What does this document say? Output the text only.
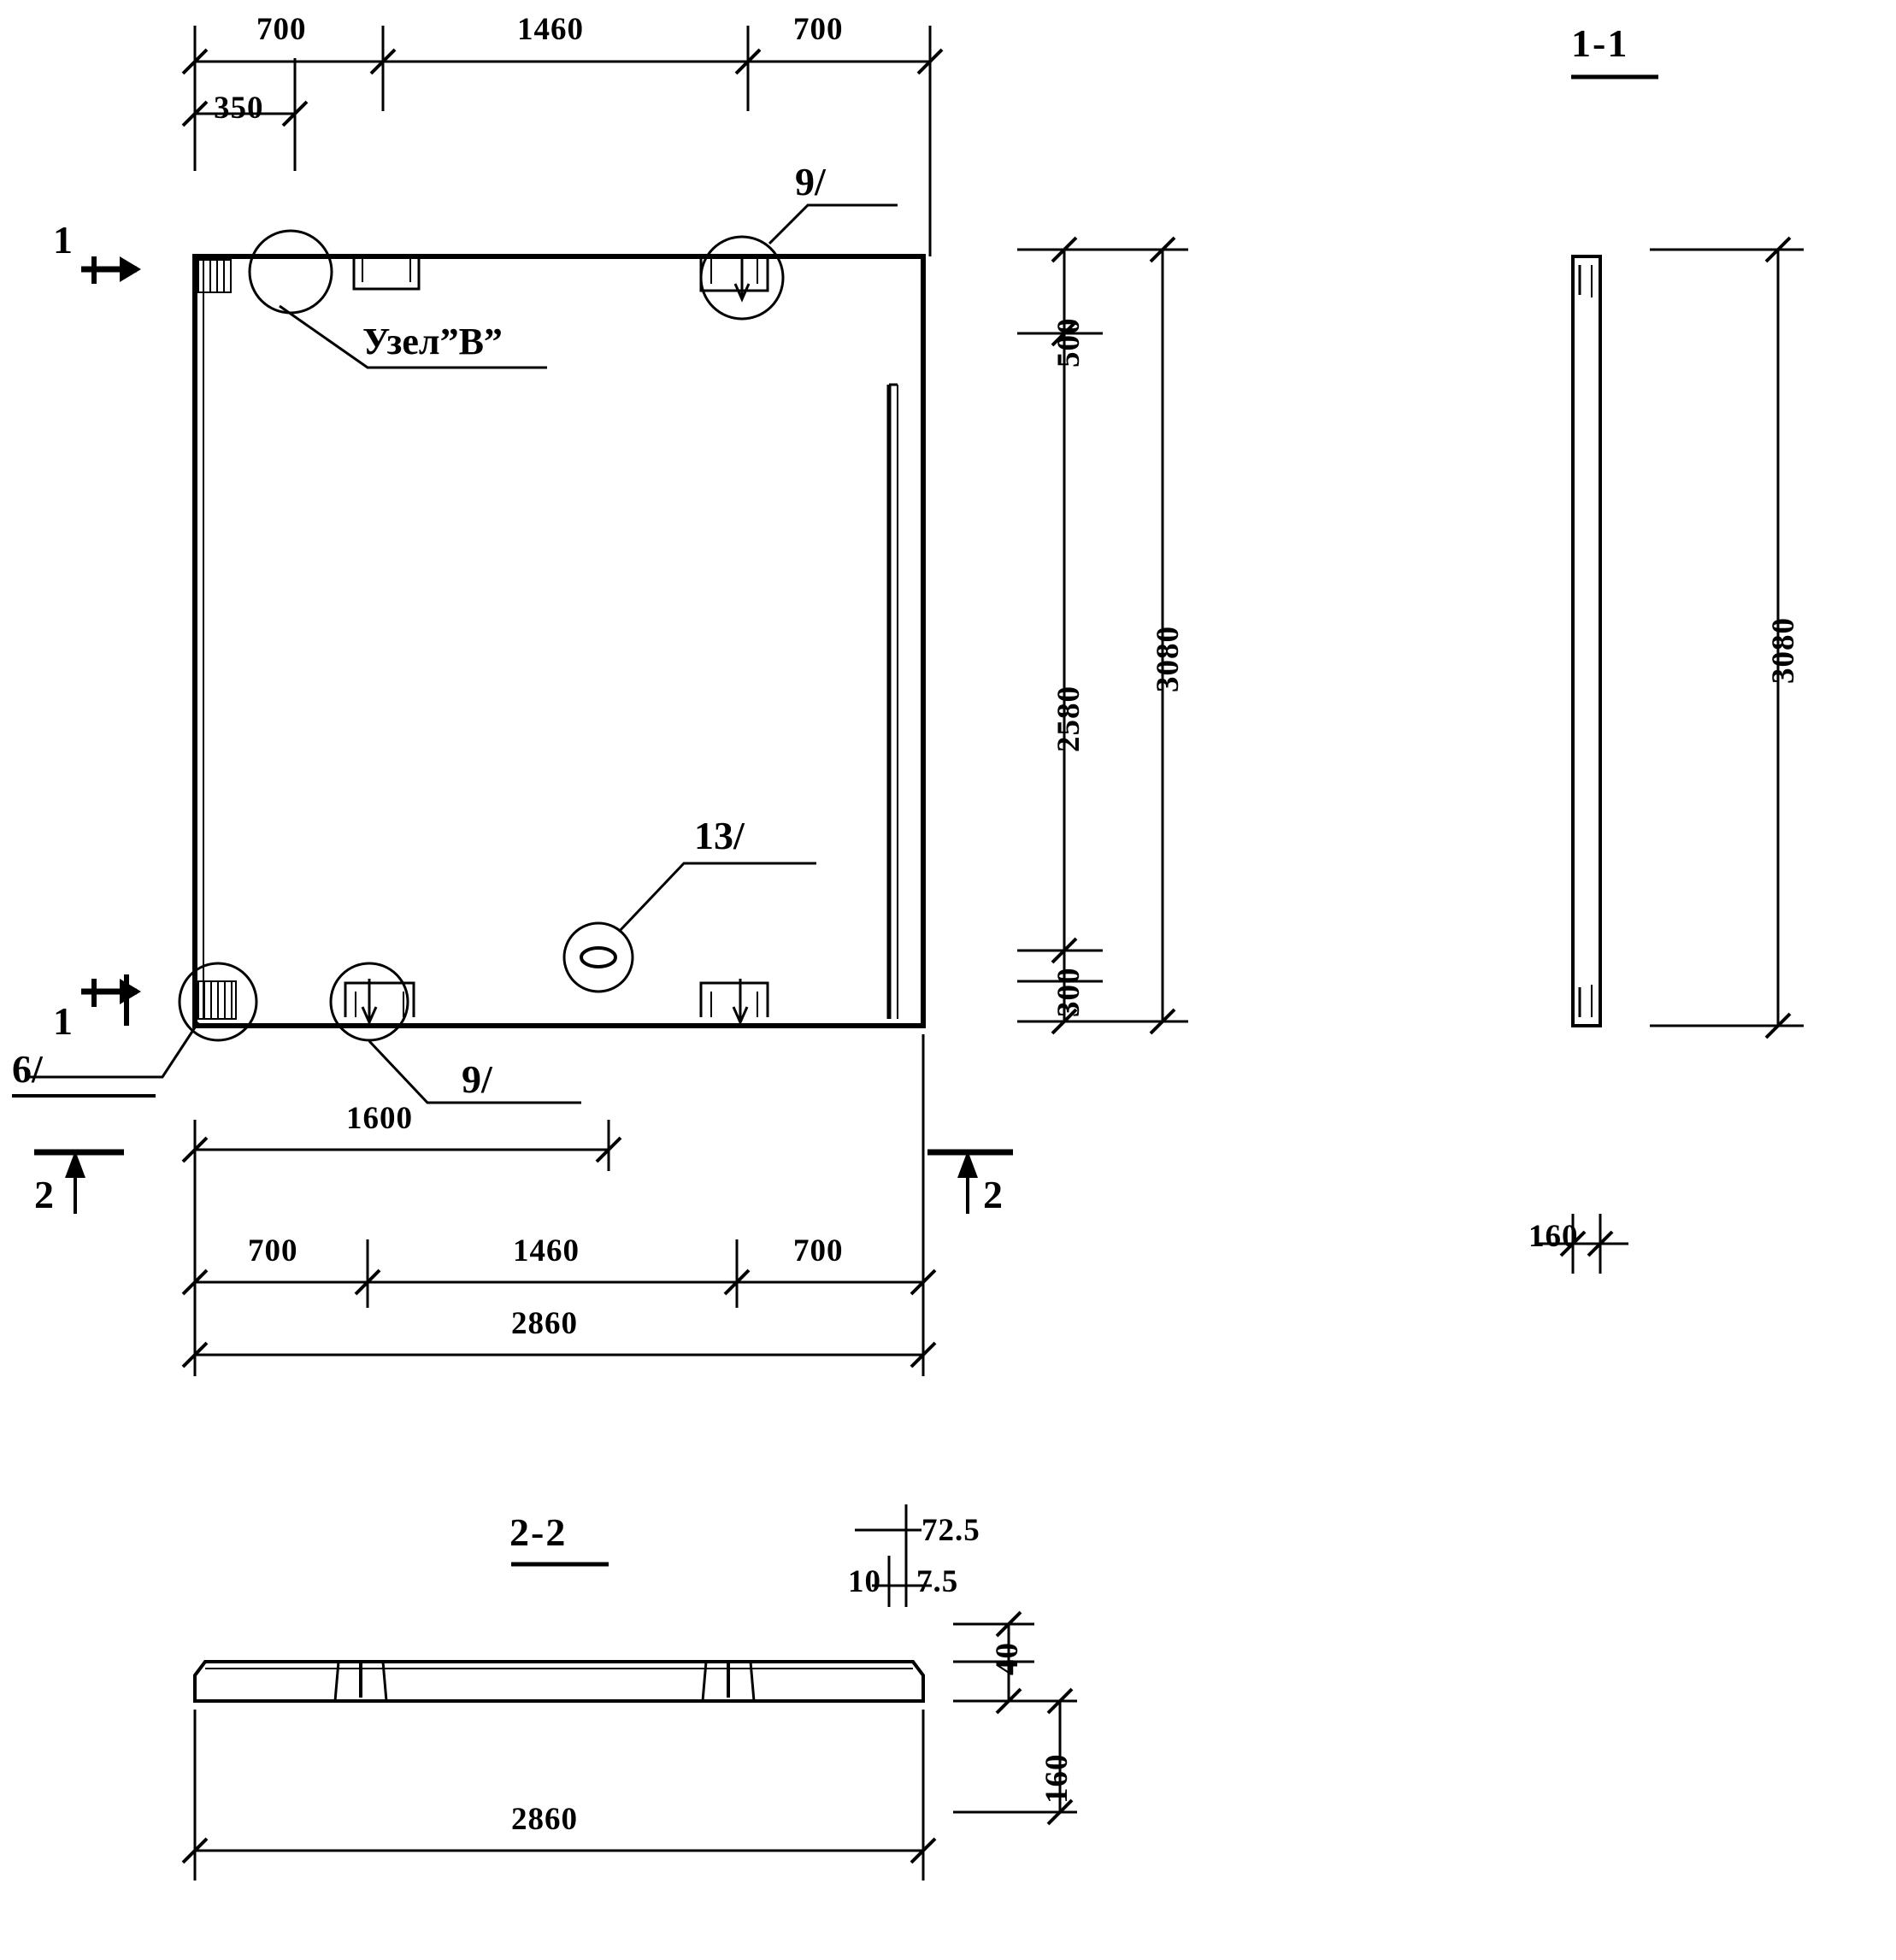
700	1460	700
350
1
1
2	2
9/
9/
13/
6/
Узел”В”	500
2580
3080
300
1600
700	1460	700
2860
1‑1
3080
160
2‑2
2860
72.5
10 7.5
40
160
